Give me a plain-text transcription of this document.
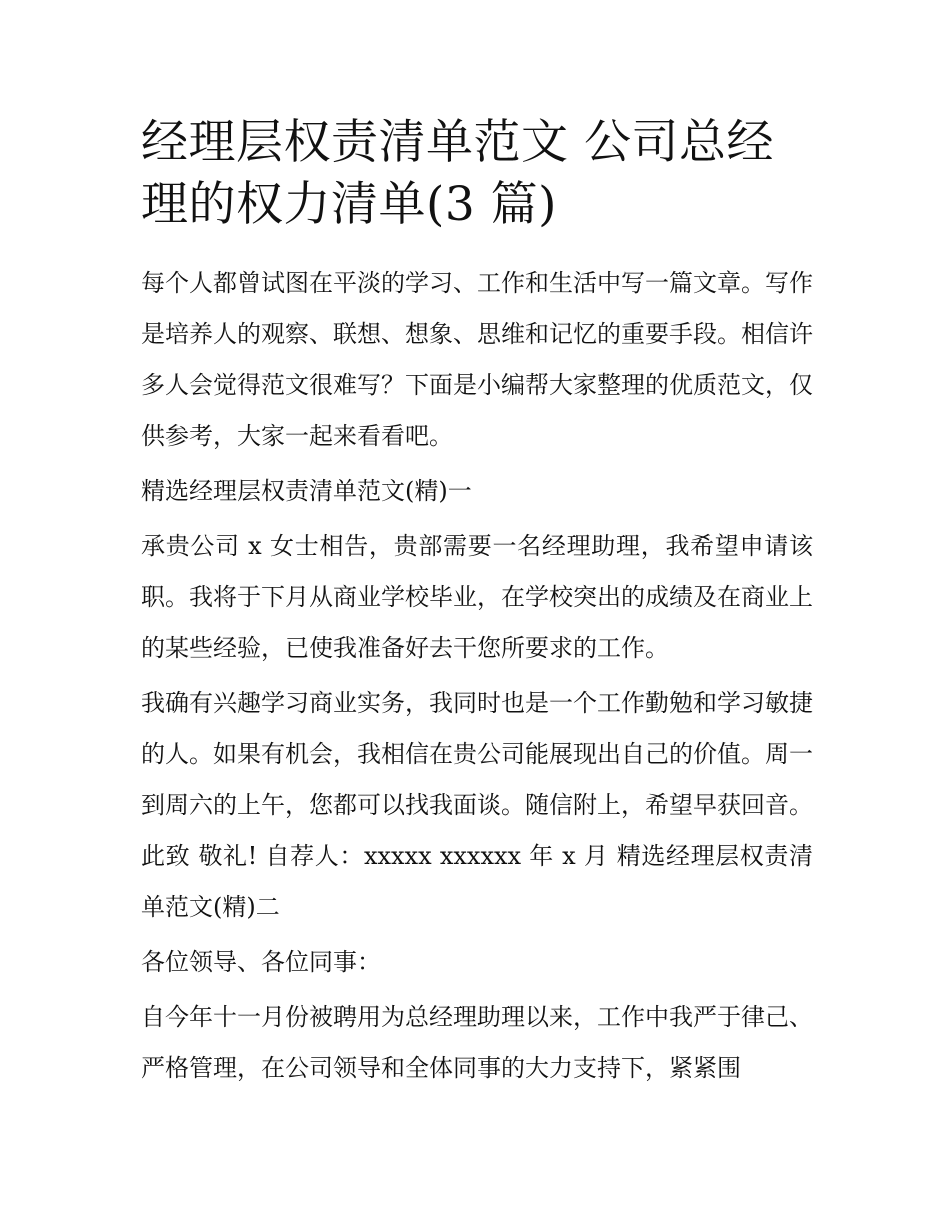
经理层权责清单范文 公司总经理的权力清单(3 篇)

每个人都曾试图在平淡的学习、工作和生活中写一篇文章。写作是培养人的观察、联想、想象、思维和记忆的重要手段。相信许多人会觉得范文很难写？下面是小编帮大家整理的优质范文，仅供参考，大家一起来看看吧。

精选经理层权责清单范文(精)一

承贵公司 x 女士相告，贵部需要一名经理助理，我希望申请该职。我将于下月从商业学校毕业，在学校突出的成绩及在商业上的某些经验，已使我准备好去干您所要求的工作。

我确有兴趣学习商业实务，我同时也是一个工作勤勉和学习敏捷的人。如果有机会，我相信在贵公司能展现出自己的价值。周一到周六的上午，您都可以找我面谈。随信附上，希望早获回音。 此致 敬礼! 自荐人：xxxxx xxxxxx 年 x 月 精选经理层权责清单范文(精)二

各位领导、各位同事：

自今年十一月份被聘用为总经理助理以来，工作中我严于律己、严格管理，在公司领导和全体同事的大力支持下，紧紧围
